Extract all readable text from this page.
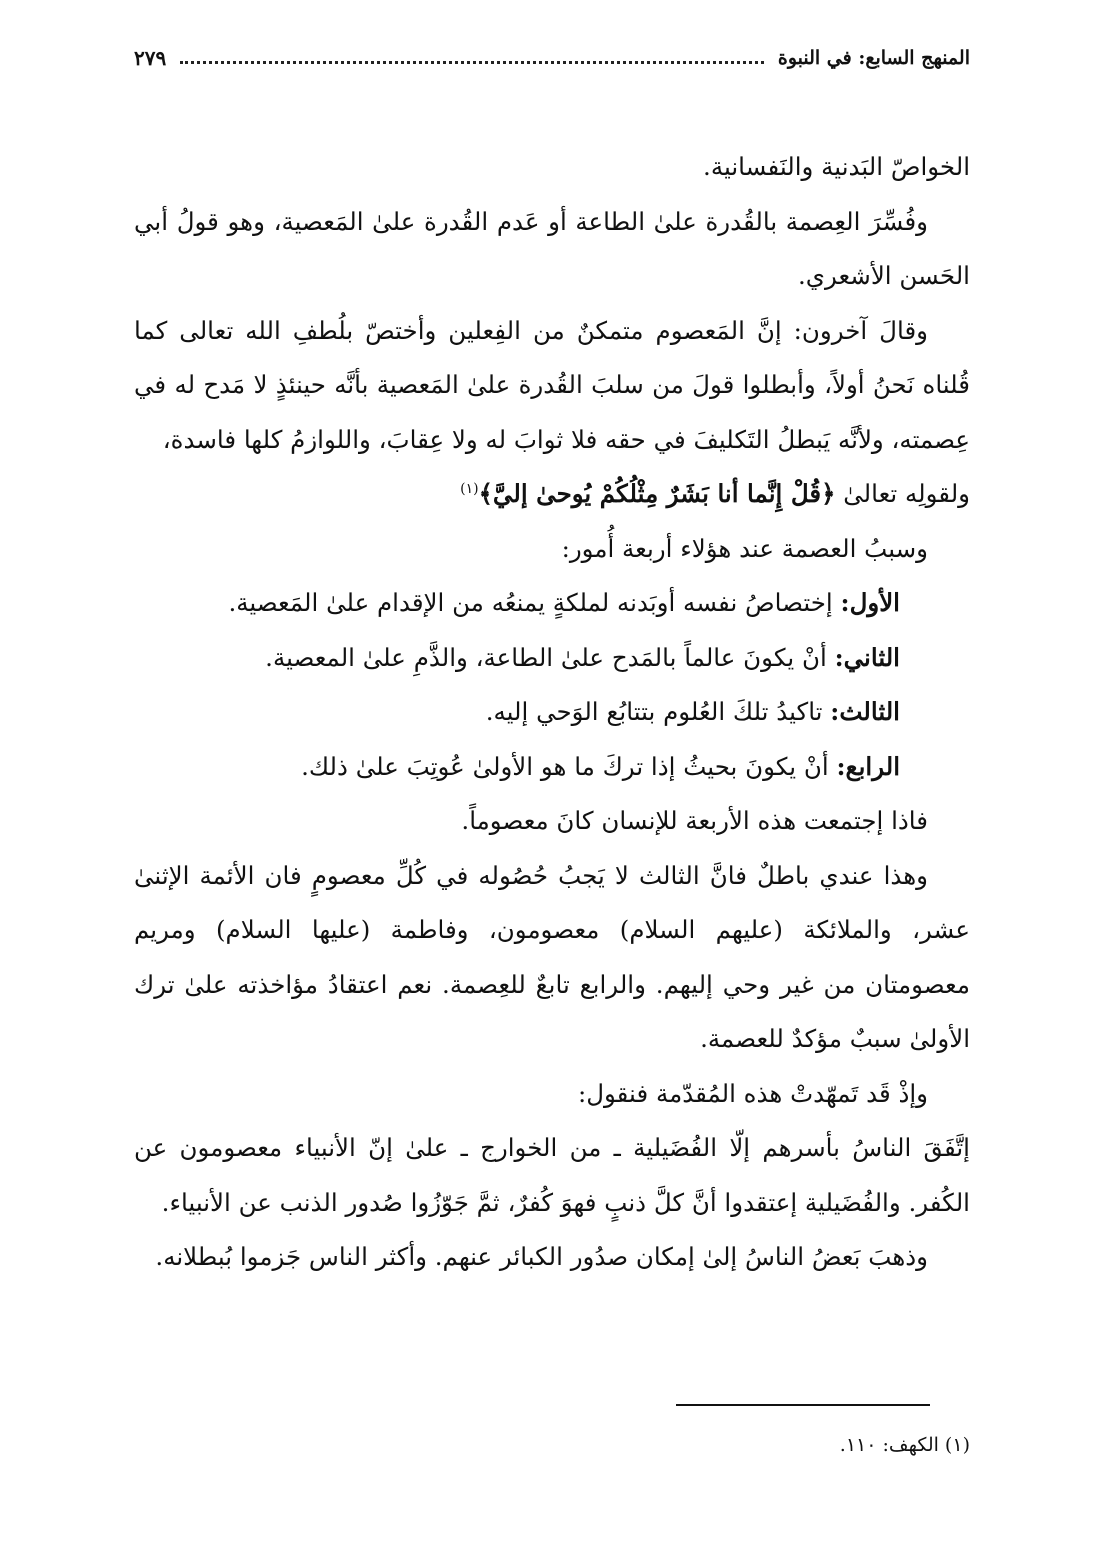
المنهج السابع: في النبوة
٢٧٩

الخواصّ البَدنية والنَفسانية.

وفُسِّرَ العِصمة بالقُدرة علىٰ الطاعة أو عَدم القُدرة علىٰ المَعصية، وهو قولُ أبي الحَسن الأشعري.

وقالَ آخرون: إنَّ المَعصوم متمكنٌ من الفِعلين وأختصّ بلُطفِ الله تعالى كما قُلناه نَحنُ أولاً، وأبطلوا قولَ من سلبَ القُدرة علىٰ المَعصية بأنَّه حينئذٍ لا مَدح له في عِصمته، ولأنَّه يَبطلُ التَكليفَ في حقه فلا ثوابَ له ولا عِقابَ، واللوازمُ كلها فاسدة،

ولقولِه تعالىٰ ﴿قُلْ إِنَّما أنا بَشَرٌ مِثْلُكُمْ يُوحىٰ إليَّ﴾$^{(١)}$

وسببُ العصمة عند هؤلاء أربعة أُمور:

الأول: إختصاصُ نفسه أوبَدنه لملكةٍ يمنعُه من الإقدام علىٰ المَعصية.

الثاني: أنْ يكونَ عالماً بالمَدح علىٰ الطاعة، والذَّمِ علىٰ المعصية.

الثالث: تاكيدُ تلكَ العُلوم بتتابُع الوَحي إليه.

الرابع: أنْ يكونَ بحيثُ إذا تركَ ما هو الأولىٰ عُوتِبَ علىٰ ذلك.

فاذا إجتمعت هذه الأربعة للإنسان كانَ معصوماً.

وهذا عندي باطلٌ فانَّ الثالث لا يَجبُ حُصُوله في كُلِّ معصومٍ فان الأئمة الإثنىٰ عشر، والملائكة (عليهم السلام) معصومون، وفاطمة (عليها السلام) ومريم معصومتان من غير وحي إليهم. والرابع تابعٌ للعِصمة. نعم اعتقادُ مؤاخذته علىٰ ترك الأولىٰ سببٌ مؤكدٌ للعصمة.

وإذْ قَد تَمهّدتْ هذه المُقدّمة فنقول:

إتَّفَقَ الناسُ بأسرهم إلّا الفُضَيلية ـ من الخوارج ـ علىٰ إنّ الأنبياء معصومون عن الكُفر. والفُضَيلية إعتقدوا أنَّ كلَّ ذنبٍ فهوَ كُفرٌ، ثمَّ جَوّزُوا صُدور الذنب عن الأنبياء.

وذهبَ بَعضُ الناسُ إلىٰ إمكان صدُور الكبائر عنهم. وأكثر الناس جَزموا بُبطلانه.

(١) الكهف: ١١٠.
